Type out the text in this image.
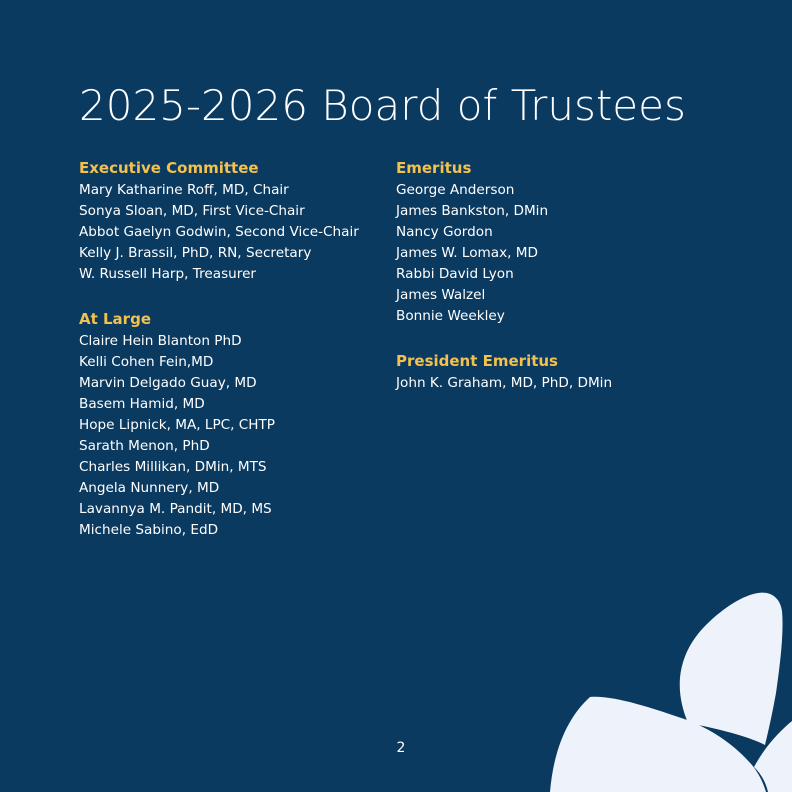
2025-2026 Board of Trustees
Executive Committee
Mary Katharine Roff, MD, Chair
Sonya Sloan, MD, First Vice-Chair
Abbot Gaelyn Godwin, Second Vice-Chair
Kelly J. Brassil, PhD, RN, Secretary
W. Russell Harp, Treasurer
At Large
Claire Hein Blanton PhD
Kelli Cohen Fein,MD
Marvin Delgado Guay, MD
Basem Hamid, MD
Hope Lipnick, MA, LPC, CHTP
Sarath Menon, PhD
Charles Millikan, DMin, MTS
Angela Nunnery, MD
Lavannya M. Pandit, MD, MS
Michele Sabino, EdD
Emeritus
George Anderson
James Bankston, DMin
Nancy Gordon
James W. Lomax, MD
Rabbi David Lyon
James Walzel
Bonnie Weekley
President Emeritus
John K. Graham, MD, PhD, DMin
2
